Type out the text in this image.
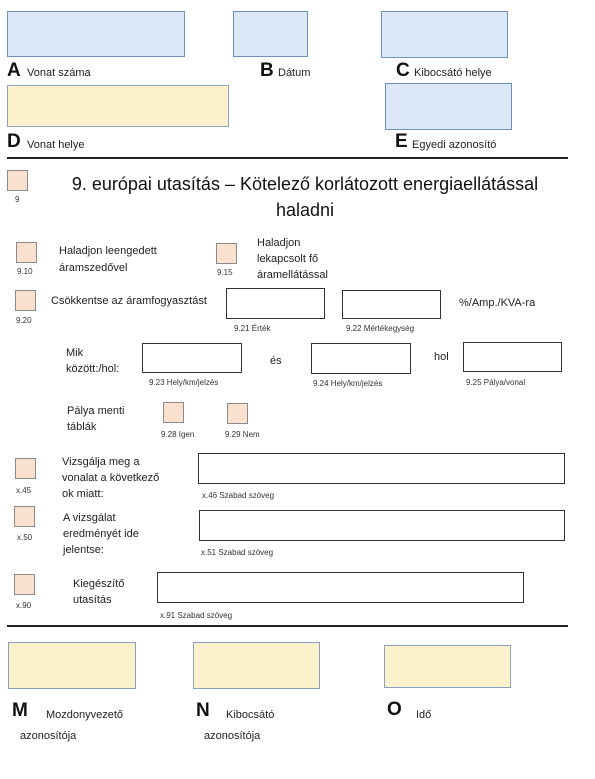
A Vonat száma	B Dátum	C Kibocsátó helye
D Vonat helye	E Egyedi azonosító
9
9. európai utasítás – Kötelező korlátozott energiaellátással
haladni
9.10
Haladjon leengedett
áramszedővel	9.15
Haladjon
lekapcsolt fő
áramellátással
9.20
Csökkentse az áramfogyasztást
9.21 Érték	9.22 Mértékegység
%/Amp./KVA-ra
Mik
között:/hol:
9.23 Hely/km/jelzés
és
9.24 Hely/km/jelzés
hol
9.25 Pálya/vonal
Pálya menti
táblák
9.28 Igen	9.29 Nem
x.45
Vizsgálja meg a
vonalat a következő
ok miatt:	x.46 Szabad szöveg
x.50
A vizsgálat
eredményét ide
jelentse:	x.51 Szabad szöveg
x.90
Kiegészítő
utasítás
x.91 Szabad szöveg
M Mozdonyvezető
azonosítója
N Kibocsátó
azonosítója
O Idő
